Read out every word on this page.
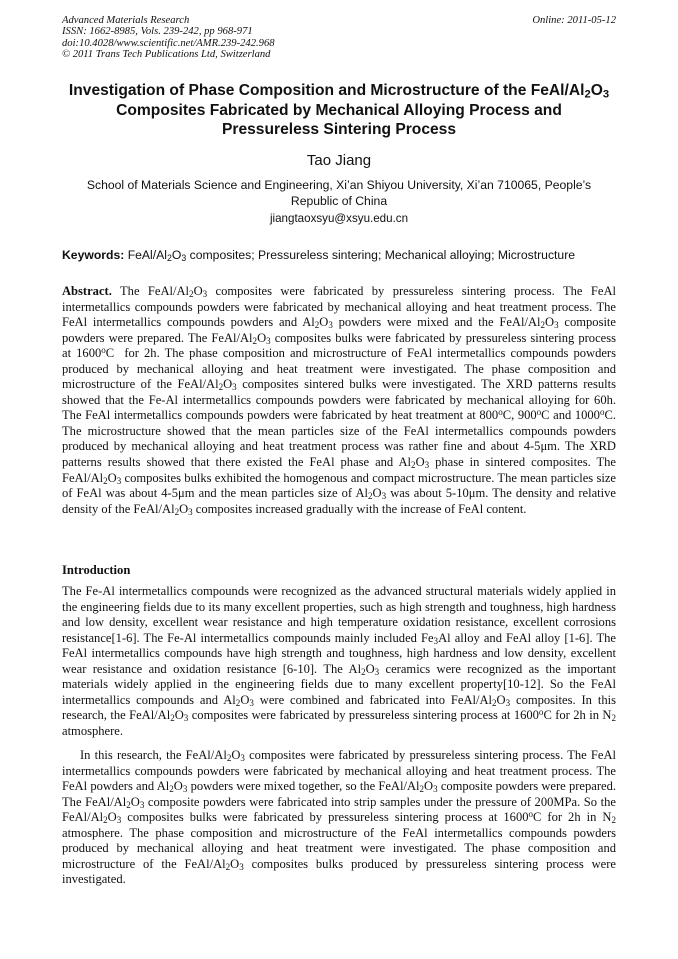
Advanced Materials Research
ISSN: 1662-8985, Vols. 239-242, pp 968-971
doi:10.4028/www.scientific.net/AMR.239-242.968
© 2011 Trans Tech Publications Ltd, Switzerland
Online: 2011-05-12
Investigation of Phase Composition and Microstructure of the FeAl/$Al_2O_3$
Composites Fabricated by Mechanical Alloying Process and
Pressureless Sintering Process
Tao Jiang
School of Materials Science and Engineering, Xi’an Shiyou University, Xi’an 710065, People’s Republic of China
jiangtaoxsyu@xsyu.edu.cn
Keywords: FeAl/$Al_2O_3$ composites; Pressureless sintering; Mechanical alloying; Microstructure

Abstract. The FeAl/$Al_2O_3$ composites were fabricated by pressureless sintering process. The FeAl intermetallics compounds powders were fabricated by mechanical alloying and heat treatment process. The FeAl intermetallics compounds powders and $Al_2O_3$ powders were mixed and the FeAl/$Al_2O_3$ composite powders were prepared. The FeAl/$Al_2O_3$ composites bulks were fabricated by pressureless sintering process at 1600$^o$C  for 2h. The phase composition and microstructure of FeAl intermetallics compounds powders produced by mechanical alloying and heat treatment were investigated. The phase composition and microstructure of the FeAl/$Al_2O_3$ composites sintered bulks were investigated. The XRD patterns results showed that the Fe-Al intermetallics compounds powders were fabricated by mechanical alloying for 60h. The FeAl intermetallics compounds powders were fabricated by heat treatment at 800$^o$C, 900$^o$C and 1000$^o$C. The microstructure showed that the mean particles size of the FeAl intermetallics compounds powders produced by mechanical alloying and heat treatment process was rather fine and about 4-5μm. The XRD patterns results showed that there existed the FeAl phase and $Al_2O_3$ phase in sintered composites. The FeAl/$Al_2O_3$ composites bulks exhibited the homogenous and compact microstructure. The mean particles size of FeAl was about 4-5μm and the mean particles size of $Al_2O_3$ was about 5-10μm. The density and relative density of the FeAl/$Al_2O_3$ composites increased gradually with the increase of FeAl content.

Introduction

The Fe-Al intermetallics compounds were recognized as the advanced structural materials widely applied in the engineering fields due to its many excellent properties, such as high strength and toughness, high hardness and low density, excellent wear resistance and high temperature oxidation resistance, excellent corrosions resistance[1-6]. The Fe-Al intermetallics compounds mainly included $Fe_3Al$ alloy and FeAl alloy [1-6]. The FeAl intermetallics compounds have high strength and toughness, high hardness and low density, excellent wear resistance and oxidation resistance [6-10]. The $Al_2O_3$ ceramics were recognized as the important materials widely applied in the engineering fields due to many excellent property[10-12]. So the FeAl intermetallics compounds and $Al_2O_3$ were combined and fabricated into FeAl/$Al_2O_3$ composites. In this research, the FeAl/$Al_2O_3$ composites were fabricated by pressureless sintering process at 1600$^o$C for 2h in $N_2$ atmosphere.

In this research, the FeAl/$Al_2O_3$ composites were fabricated by pressureless sintering process. The FeAl intermetallics compounds powders were fabricated by mechanical alloying and heat treatment process. The FeAl powders and $Al_2O_3$ powders were mixed together, so the FeAl/$Al_2O_3$ composite powders were prepared. The FeAl/$Al_2O_3$ composite powders were fabricated into strip samples under the pressure of 200MPa. So the FeAl/$Al_2O_3$ composites bulks were fabricated by pressureless sintering process at 1600$^o$C for 2h in $N_2$ atmosphere. The phase composition and microstructure of the FeAl intermetallics compounds powders produced by mechanical alloying and heat treatment were investigated. The phase composition and microstructure of the FeAl/$Al_2O_3$ composites bulks produced by pressureless sintering process were investigated.
